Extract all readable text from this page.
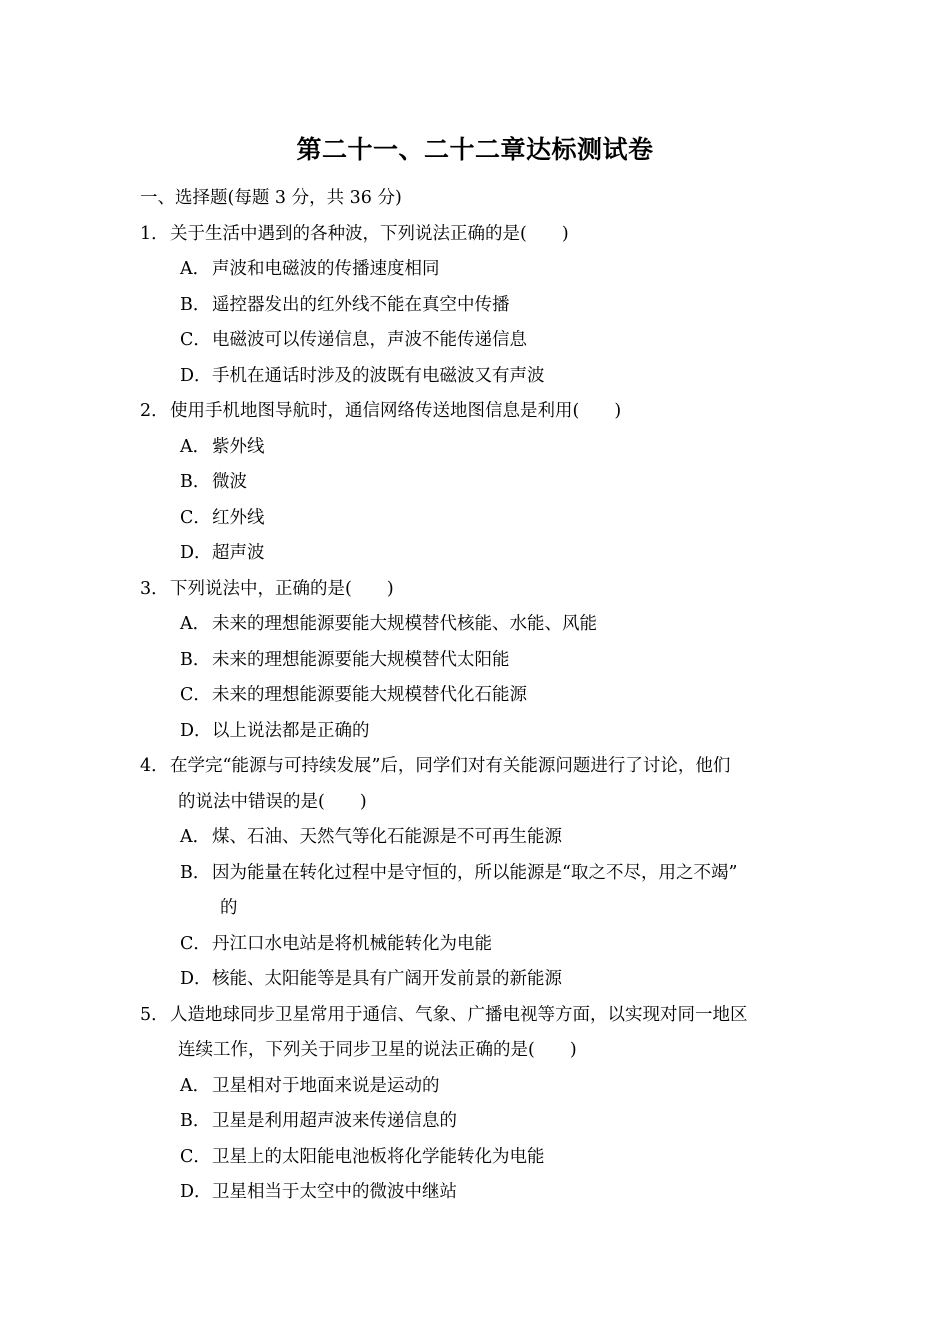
第二十一、二十二章达标测试卷
一、选择题(每题 3 分，共 36 分)
1．关于生活中遇到的各种波，下列说法正确的是(　　)
A． 声波和电磁波的传播速度相同
B．遥控器发出的红外线不能在真空中传播
C．电磁波可以传递信息，声波不能传递信息
D．手机在通话时涉及的波既有电磁波又有声波
2．使用手机地图导航时，通信网络传送地图信息是利用(　　)
A． 紫外线
B．微波
C．红外线
D．超声波
3．下列说法中，正确的是(　　)
A． 未来的理想能源要能大规模替代核能、水能、风能
B．未来的理想能源要能大规模替代太阳能
C．未来的理想能源要能大规模替代化石能源
D．以上说法都是正确的
4．在学完“能源与可持续发展”后，同学们对有关能源问题进行了讨论，他们
的说法中错误的是(　　)
A． 煤、石油、天然气等化石能源是不可再生能源
B．因为能量在转化过程中是守恒的，所以能源是“取之不尽，用之不竭”
的
C．丹江口水电站是将机械能转化为电能
D．核能、太阳能等是具有广阔开发前景的新能源
5．人造地球同步卫星常用于通信、气象、广播电视等方面，以实现对同一地区
连续工作，下列关于同步卫星的说法正确的是(　　)
A． 卫星相对于地面来说是运动的
B．卫星是利用超声波来传递信息的
C．卫星上的太阳能电池板将化学能转化为电能
D．卫星相当于太空中的微波中继站
